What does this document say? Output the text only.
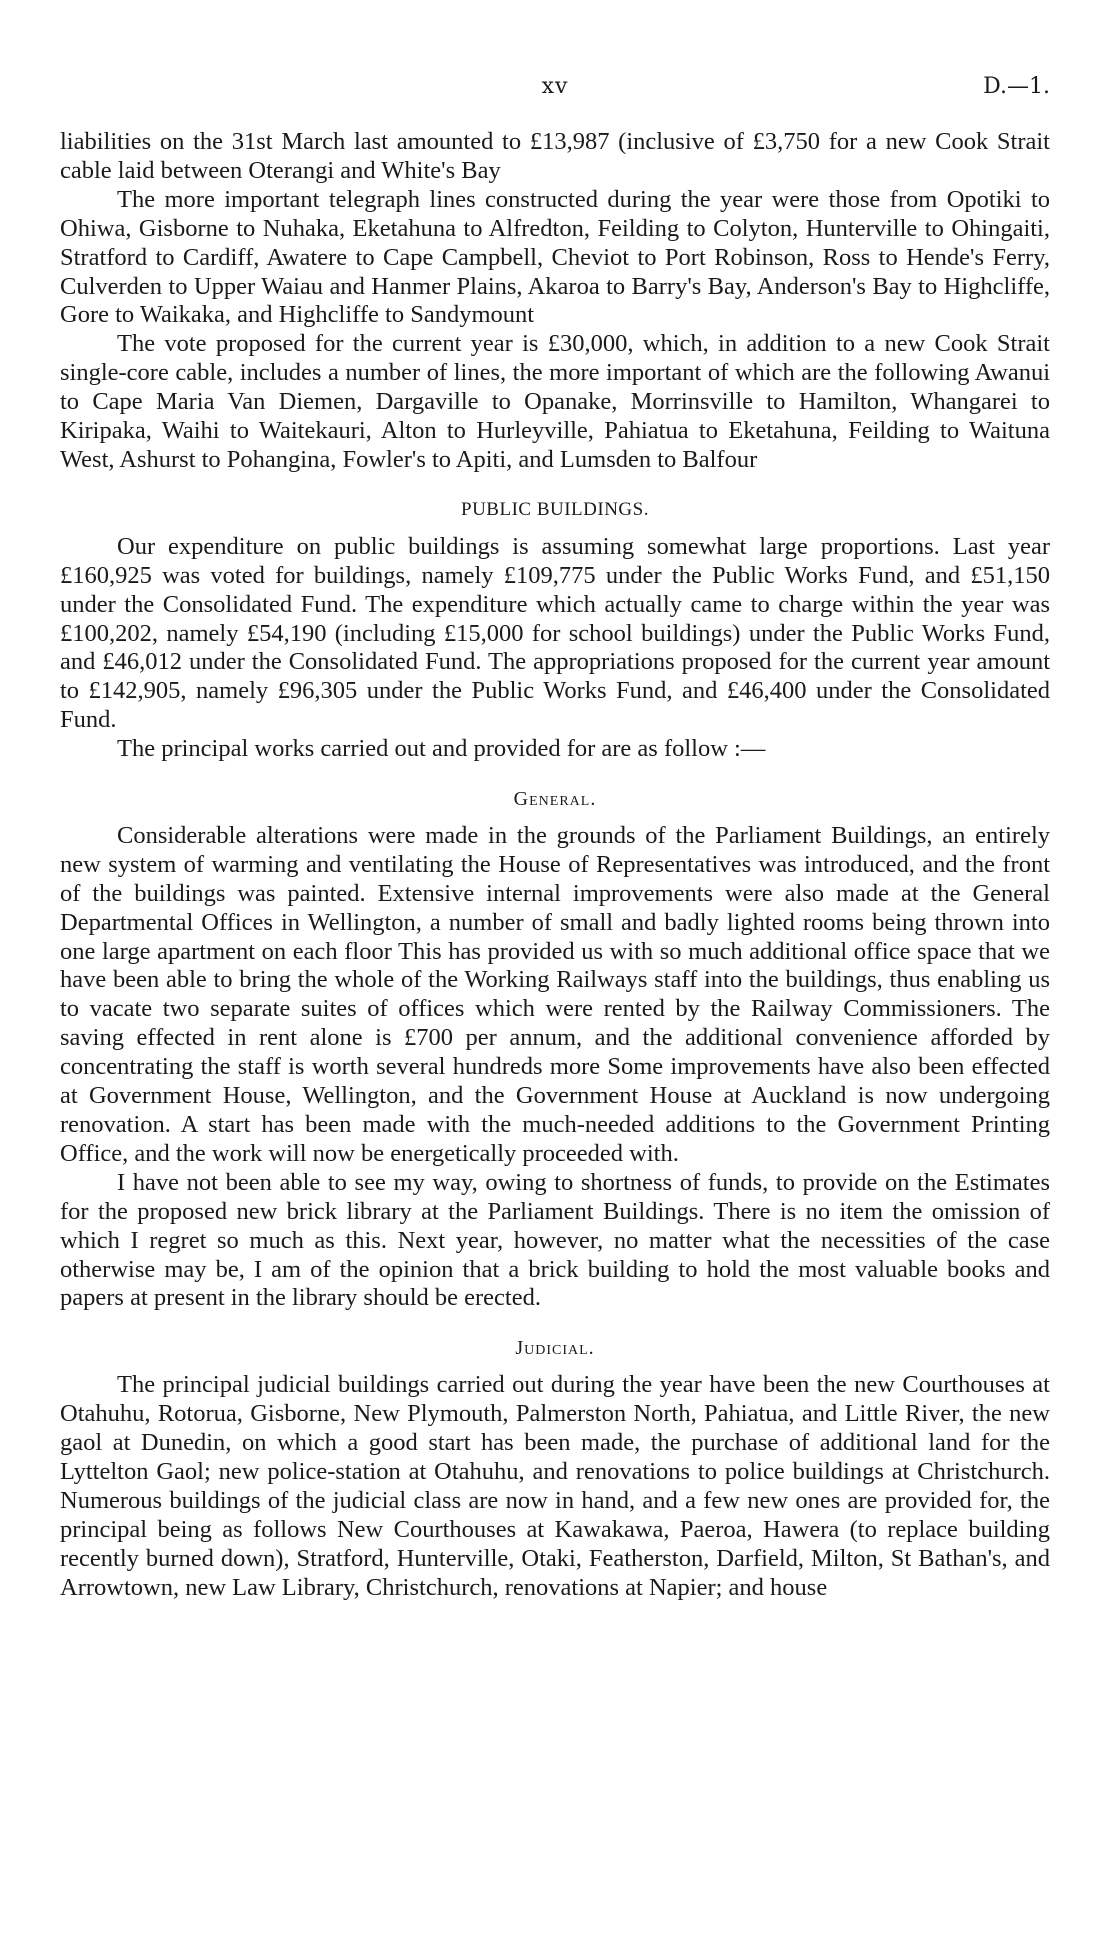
xv	D.—1.

liabilities on the 31st March last amounted to £13,987 (inclusive of £3,750 for a new Cook Strait cable laid between Oterangi and White's Bay

The more important telegraph lines constructed during the year were those from Opotiki to Ohiwa, Gisborne to Nuhaka, Eketahuna to Alfredton, Feilding to Colyton, Hunterville to Ohingaiti, Stratford to Cardiff, Awatere to Cape Campbell, Cheviot to Port Robinson, Ross to Hende's Ferry, Culverden to Upper Waiau and Hanmer Plains, Akaroa to Barry's Bay, Anderson's Bay to Highcliffe, Gore to Waikaka, and Highcliffe to Sandymount

The vote proposed for the current year is £30,000, which, in addition to a new Cook Strait single-core cable, includes a number of lines, the more important of which are the following Awanui to Cape Maria Van Diemen, Dargaville to Opanake, Morrinsville to Hamilton, Whangarei to Kiripaka, Waihi to Waitekauri, Alton to Hurleyville, Pahiatua to Eketahuna, Feilding to Waituna West, Ashurst to Pohangina, Fowler's to Apiti, and Lumsden to Balfour

PUBLIC BUILDINGS.

Our expenditure on public buildings is assuming somewhat large proportions. Last year £160,925 was voted for buildings, namely £109,775 under the Public Works Fund, and £51,150 under the Consolidated Fund. The expenditure which actually came to charge within the year was £100,202, namely £54,190 (including £15,000 for school buildings) under the Public Works Fund, and £46,012 under the Consolidated Fund. The appropriations proposed for the current year amount to £142,905, namely £96,305 under the Public Works Fund, and £46,400 under the Consolidated Fund.

The principal works carried out and provided for are as follow :—

General.

Considerable alterations were made in the grounds of the Parliament Buildings, an entirely new system of warming and ventilating the House of Representatives was introduced, and the front of the buildings was painted. Extensive internal improvements were also made at the General Departmental Offices in Wellington, a number of small and badly lighted rooms being thrown into one large apartment on each floor This has provided us with so much additional office space that we have been able to bring the whole of the Working Railways staff into the buildings, thus enabling us to vacate two separate suites of offices which were rented by the Railway Commissioners. The saving effected in rent alone is £700 per annum, and the additional convenience afforded by concentrating the staff is worth several hundreds more Some improvements have also been effected at Government House, Wellington, and the Government House at Auckland is now undergoing renovation. A start has been made with the much-needed additions to the Government Printing Office, and the work will now be energetically proceeded with.

I have not been able to see my way, owing to shortness of funds, to provide on the Estimates for the proposed new brick library at the Parliament Buildings. There is no item the omission of which I regret so much as this. Next year, however, no matter what the necessities of the case otherwise may be, I am of the opinion that a brick building to hold the most valuable books and papers at present in the library should be erected.

Judicial.

The principal judicial buildings carried out during the year have been the new Courthouses at Otahuhu, Rotorua, Gisborne, New Plymouth, Palmerston North, Pahiatua, and Little River, the new gaol at Dunedin, on which a good start has been made, the purchase of additional land for the Lyttelton Gaol; new police-station at Otahuhu, and renovations to police buildings at Christchurch. Numerous buildings of the judicial class are now in hand, and a few new ones are provided for, the principal being as follows New Courthouses at Kawakawa, Paeroa, Hawera (to replace building recently burned down), Stratford, Hunterville, Otaki, Featherston, Darfield, Milton, St Bathan's, and Arrowtown, new Law Library, Christchurch, renovations at Napier; and house
